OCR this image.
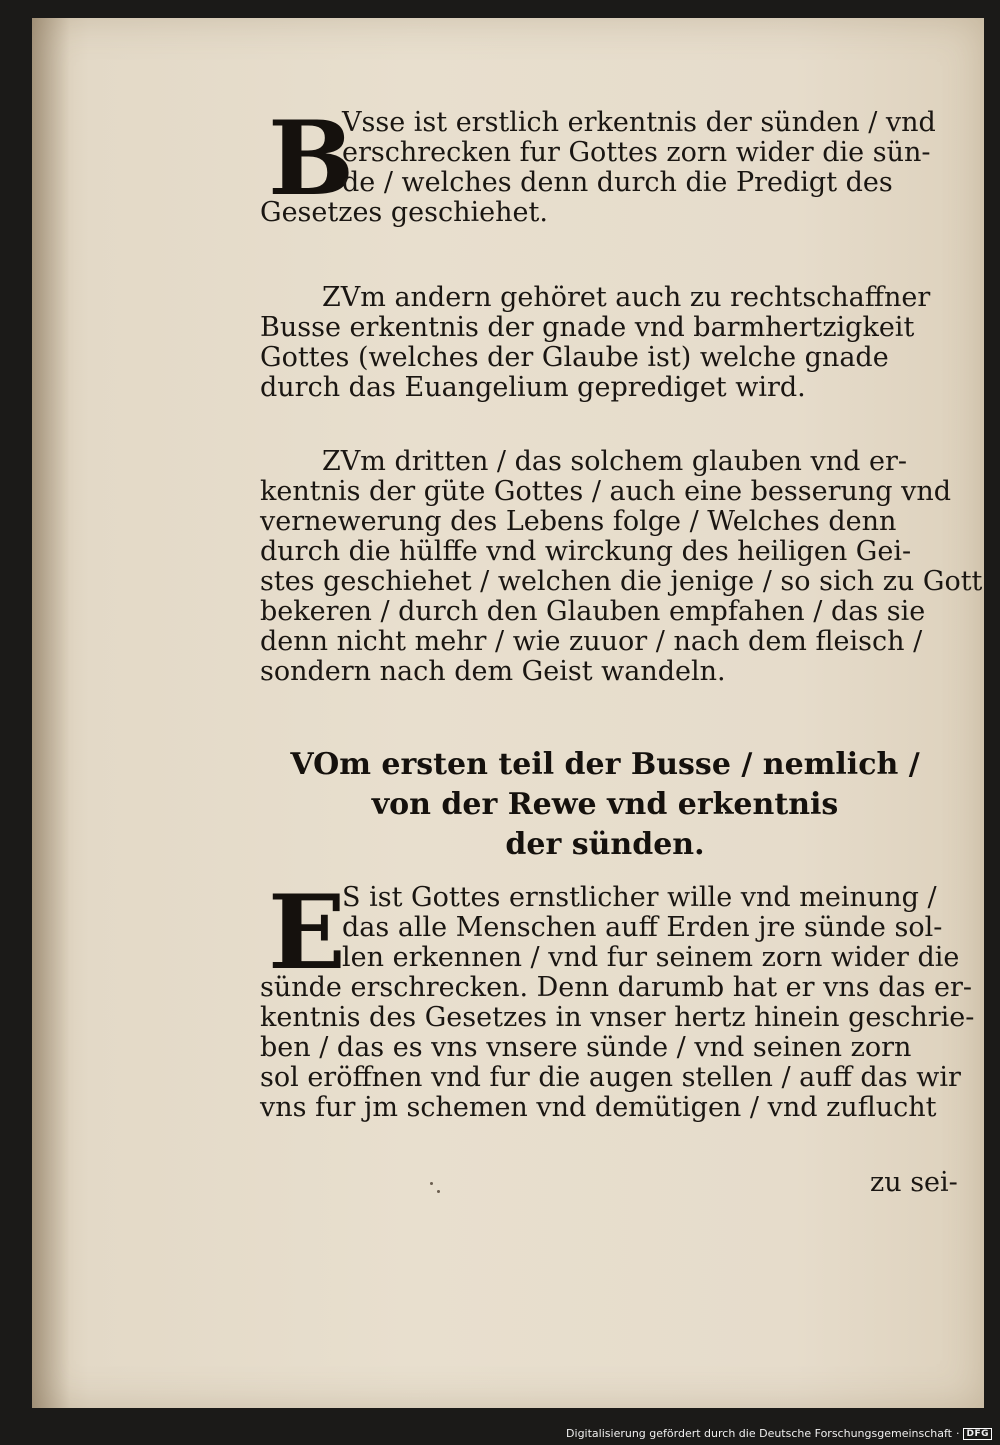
B
Vsse ist erstlich erkentnis der sünden / vnd
erschrecken fur Gottes zorn wider die sün-
de / welches denn durch die Predigt des
Gesetzes geschiehet.
ZVm andern gehöret auch zu rechtschaffner
Busse erkentnis der gnade vnd barmhertzigkeit
Gottes (welches der Glaube ist) welche gnade
durch das Euangelium geprediget wird.
ZVm dritten / das solchem glauben vnd er-
kentnis der güte Gottes / auch eine besserung vnd
vernewerung des Lebens folge / Welches denn
durch die hülffe vnd wirckung des heiligen Gei-
stes geschiehet / welchen die jenige / so sich zu Gott
bekeren / durch den Glauben empfahen / das sie
denn nicht mehr / wie zuuor / nach dem fleisch /
sondern nach dem Geist wandeln.
VOm ersten teil der Busse / nemlich /
von der Rewe vnd erkentnis
der sünden.
E
S ist Gottes ernstlicher wille vnd meinung /
das alle Menschen auff Erden jre sünde sol-
len erkennen / vnd fur seinem zorn wider die
sünde erschrecken. Denn darumb hat er vns das er-
kentnis des Gesetzes in vnser hertz hinein geschrie-
ben / das es vns vnsere sünde / vnd seinen zorn
sol eröffnen vnd fur die augen stellen / auff das wir
vns fur jm schemen vnd demütigen / vnd zuflucht
zu sei-
Digitalisierung gefördert durch die Deutsche Forschungsgemeinschaft · DFG
